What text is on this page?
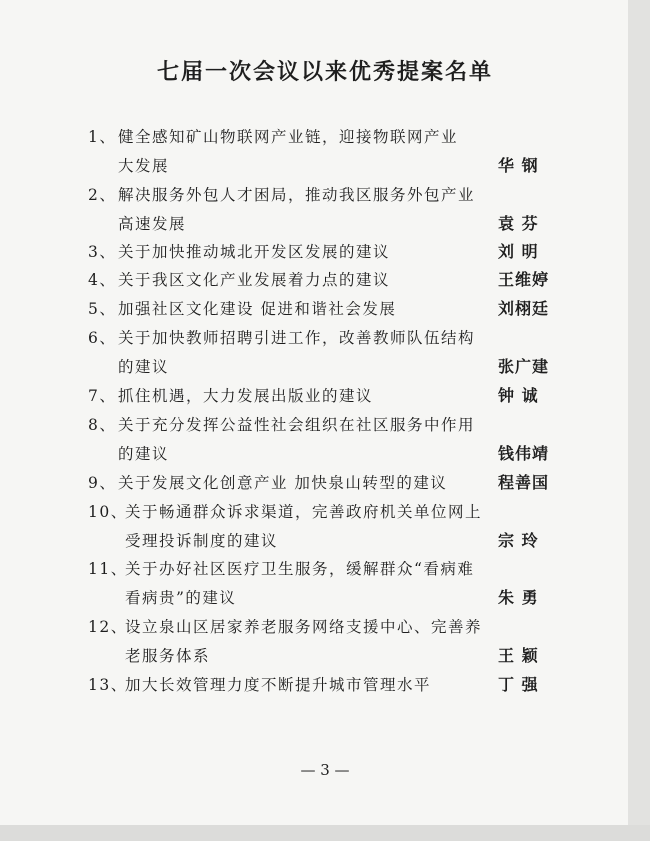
七届一次会议以来优秀提案名单
1、 健全感知矿山物联网产业链，迎接物联网产业
大发展	华 钢
2、 解决服务外包人才困局，推动我区服务外包产业
高速发展	袁 芬
3、 关于加快推动城北开发区发展的建议	刘 明
4、 关于我区文化产业发展着力点的建议	王维婷
5、 加强社区文化建设 促进和谐社会发展	刘栩廷
6、 关于加快教师招聘引进工作，改善教师队伍结构
的建议	张广建
7、 抓住机遇，大力发展出版业的建议	钟 诚
8、 关于充分发挥公益性社会组织在社区服务中作用
的建议	钱伟靖
9、 关于发展文化创意产业 加快泉山转型的建议	程善国
10、
关于畅通群众诉求渠道，完善政府机关单位网上
受理投诉制度的建议	宗 玲
11、
关于办好社区医疗卫生服务，缓解群众“看病难
看病贵”的建议	朱 勇
12、
设立泉山区居家养老服务网络支援中心、完善养
老服务体系	王 颖
13、
加大长效管理力度不断提升城市管理水平	丁 强
— 3 —
